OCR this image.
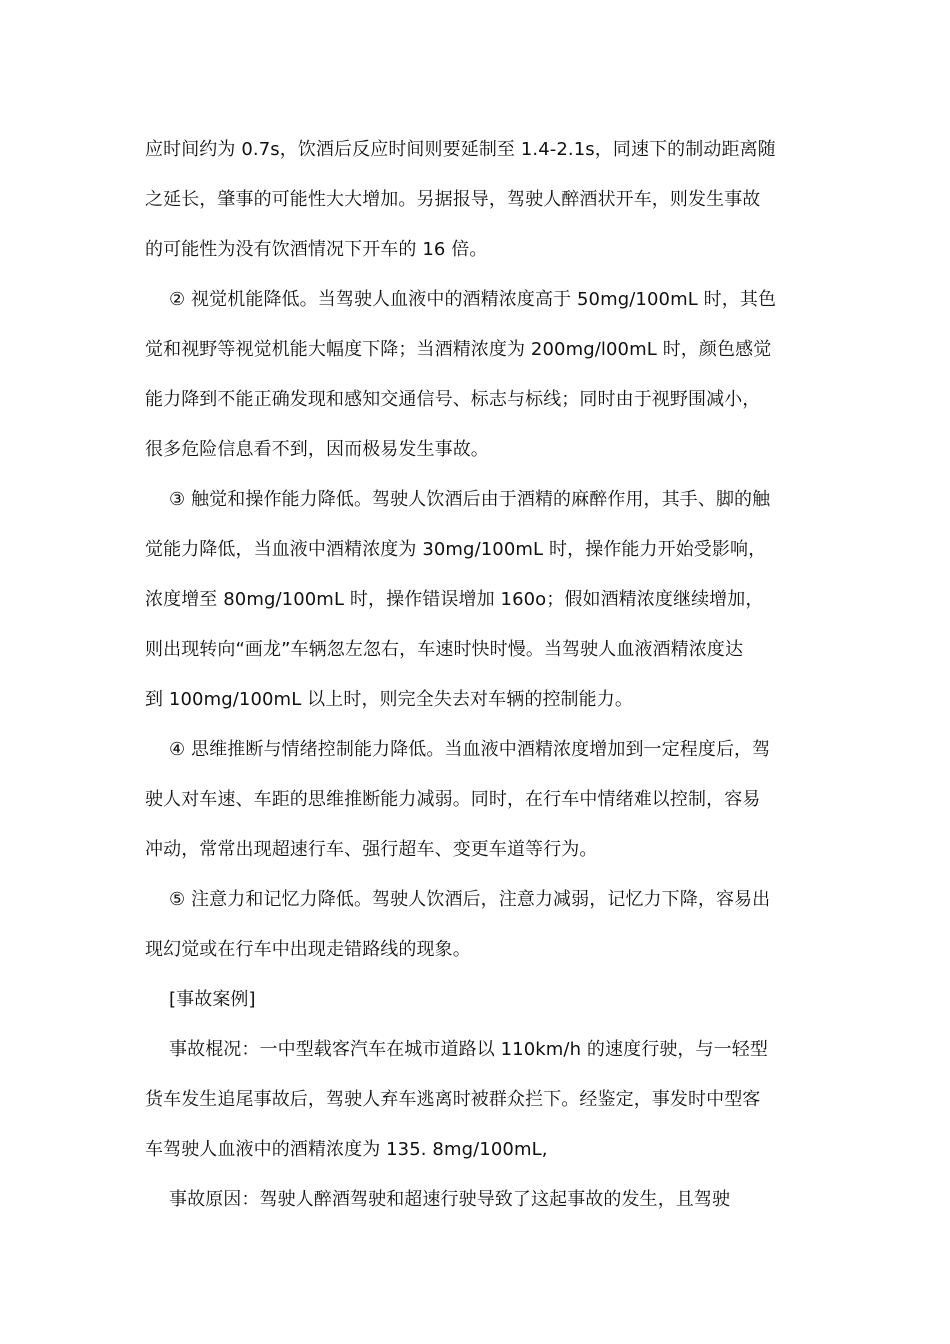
应时间约为 0.7s，饮酒后反应时间则要延制至 1.4-2.1s，同速下的制动距离随
之延长，肇事的可能性大大增加。另据报导，驾驶人醉酒状开车，则发生事故
的可能性为没有饮酒情况下开车的 16 倍。
② 视觉机能降低。当驾驶人血液中的酒精浓度高于 50mg/100mL 时，其色
觉和视野等视觉机能大幅度下降；当酒精浓度为 200mg/l00mL 时，颜色感觉
能力降到不能正确发现和感知交通信号、标志与标线；同时由于视野围减小，
很多危险信息看不到，因而极易发生事故。
③ 触觉和操作能力降低。驾驶人饮酒后由于酒精的麻醉作用，其手、脚的触
觉能力降低，当血液中酒精浓度为 30mg/100mL 时，操作能力开始受影响，
浓度增至 80mg/100mL 时，操作错误增加 160o；假如酒精浓度继续增加，
则出现转向“画龙”车辆忽左忽右，车速时快时慢。当驾驶人血液酒精浓度达
到 100mg/100mL 以上时，则完全失去对车辆的控制能力。
④ 思维推断与情绪控制能力降低。当血液中酒精浓度增加到一定程度后，驾
驶人对车速、车距的思维推断能力减弱。同时，在行车中情绪难以控制，容易
冲动，常常出现超速行车、强行超车、变更车道等行为。
⑤ 注意力和记忆力降低。驾驶人饮酒后，注意力减弱，记忆力下降，容易出
现幻觉或在行车中出现走错路线的现象。
[事故案例]
事故棍况：一中型载客汽车在城市道路以 110km/h 的速度行驶，与一轻型
货车发生追尾事故后，驾驶人弃车逃离时被群众拦下。经鉴定，事发时中型客
车驾驶人血液中的酒精浓度为 135. 8mg/100mL,
事故原因：驾驶人醉酒驾驶和超速行驶导致了这起事故的发生，且驾驶
